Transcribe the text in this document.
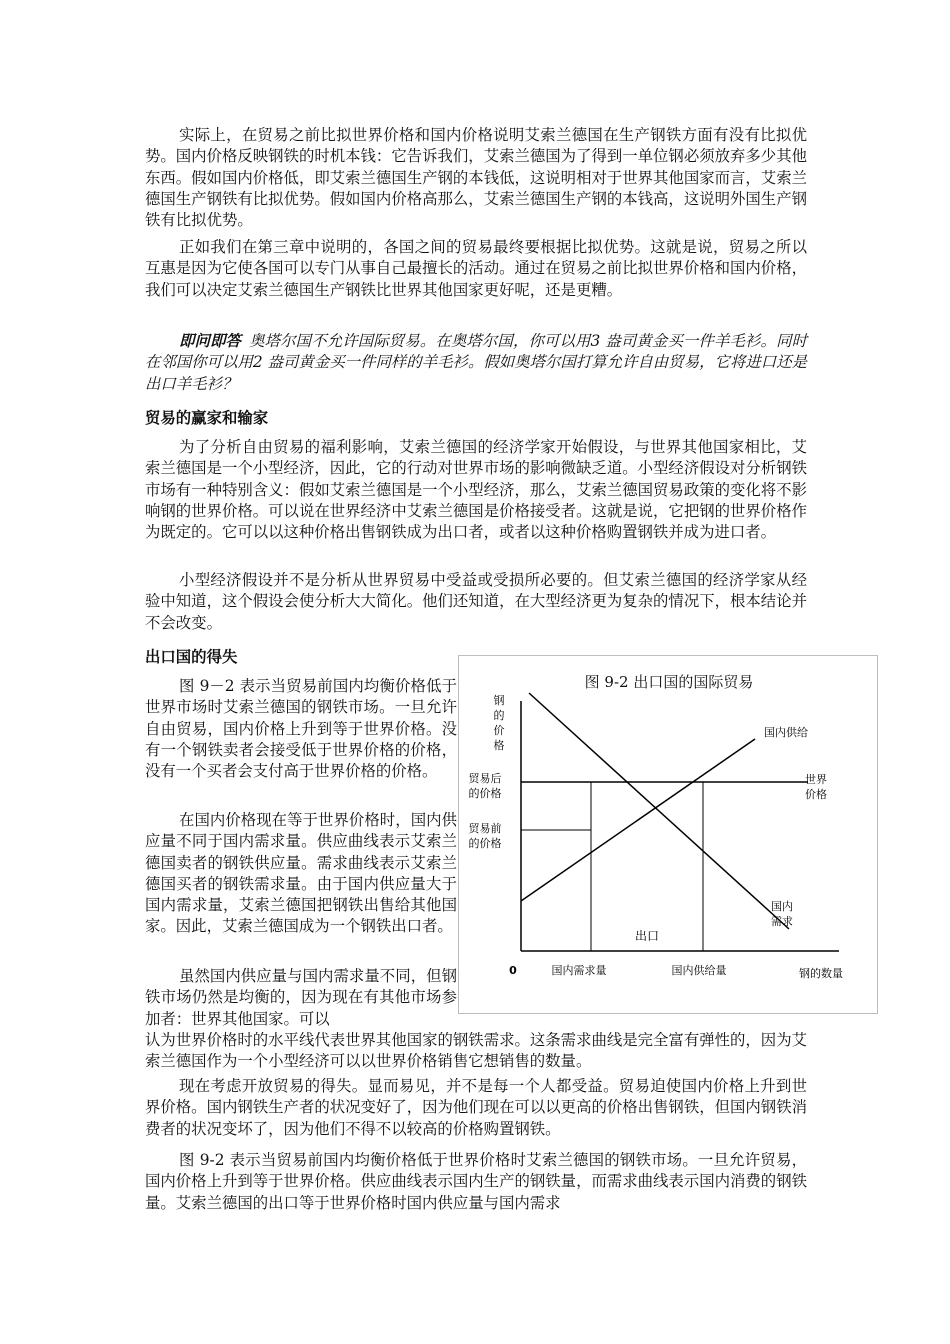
实际上，在贸易之前比拟世界价格和国内价格说明艾索兰德国在生产钢铁方面有没有比拟优势。国内价格反映钢铁的时机本钱：它告诉我们，艾索兰德国为了得到一单位钢必须放弃多少其他东西。假如国内价格低，即艾索兰德国生产钢的本钱低，这说明相对于世界其他国家而言，艾索兰德国生产钢铁有比拟优势。假如国内价格高那么，艾索兰德国生产钢的本钱高，这说明外国生产钢铁有比拟优势。

正如我们在第三章中说明的，各国之间的贸易最终要根据比拟优势。这就是说，贸易之所以互惠是因为它使各国可以专门从事自己最擅长的活动。通过在贸易之前比拟世界价格和国内价格，我们可以决定艾索兰德国生产钢铁比世界其他国家更好呢，还是更糟。

即问即答 奥塔尔国不允许国际贸易。在奥塔尔国，你可以用3 盎司黄金买一件羊毛衫。同时在邻国你可以用2 盎司黄金买一件同样的羊毛衫。假如奥塔尔国打算允许自由贸易，它将进口还是出口羊毛衫？

贸易的赢家和输家

为了分析自由贸易的福利影响，艾索兰德国的经济学家开始假设，与世界其他国家相比，艾索兰德国是一个小型经济，因此，它的行动对世界市场的影响微缺乏道。小型经济假设对分析钢铁市场有一种特别含义：假如艾索兰德国是一个小型经济，那么，艾索兰德国贸易政策的变化将不影响钢的世界价格。可以说在世界经济中艾索兰德国是价格接受者。这就是说，它把钢的世界价格作为既定的。它可以以这种价格出售钢铁成为出口者，或者以这种价格购置钢铁并成为进口者。

小型经济假设并不是分析从世界贸易中受益或受损所必要的。但艾索兰德国的经济学家从经验中知道，这个假设会使分析大大简化。他们还知道，在大型经济更为复杂的情况下，根本结论并不会改变。

出口国的得失

图 9－2 表示当贸易前国内均衡价格低于世界市场时艾索兰德国的钢铁市场。一旦允许自由贸易，国内价格上升到等于世界价格。没有一个钢铁卖者会接受低于世界价格的价格，没有一个买者会支付高于世界价格的价格。

在国内价格现在等于世界价格时，国内供应量不同于国内需求量。供应曲线表示艾索兰德国卖者的钢铁供应量。需求曲线表示艾索兰德国买者的钢铁需求量。由于国内供应量大于国内需求量，艾索兰德国把钢铁出售给其他国家。因此，艾索兰德国成为一个钢铁出口者。

虽然国内供应量与国内需求量不同，但钢铁市场仍然是均衡的，因为现在有其他市场参加者：世界其他国家。可以

认为世界价格时的水平线代表世界其他国家的钢铁需求。这条需求曲线是完全富有弹性的，因为艾索兰德国作为一个小型经济可以以世界价格销售它想销售的数量。

现在考虑开放贸易的得失。显而易见，并不是每一个人都受益。贸易迫使国内价格上升到世界价格。国内钢铁生产者的状况变好了，因为他们现在可以以更高的价格出售钢铁，但国内钢铁消费者的状况变坏了，因为他们不得不以较高的价格购置钢铁。

图 9-2 表示当贸易前国内均衡价格低于世界价格时艾索兰德国的钢铁市场。一旦允许贸易，国内价格上升到等于世界价格。供应曲线表示国内生产的钢铁量，而需求曲线表示国内消费的钢铁量。艾索兰德国的出口等于世界价格时国内供应量与国内需求

图 9-2 出口国的国际贸易
钢的价格
贸易后的价格
贸易前的价格
国内供给
世界价格
国内需求
出口
0	国内需求量	国内供给量	钢的数量
